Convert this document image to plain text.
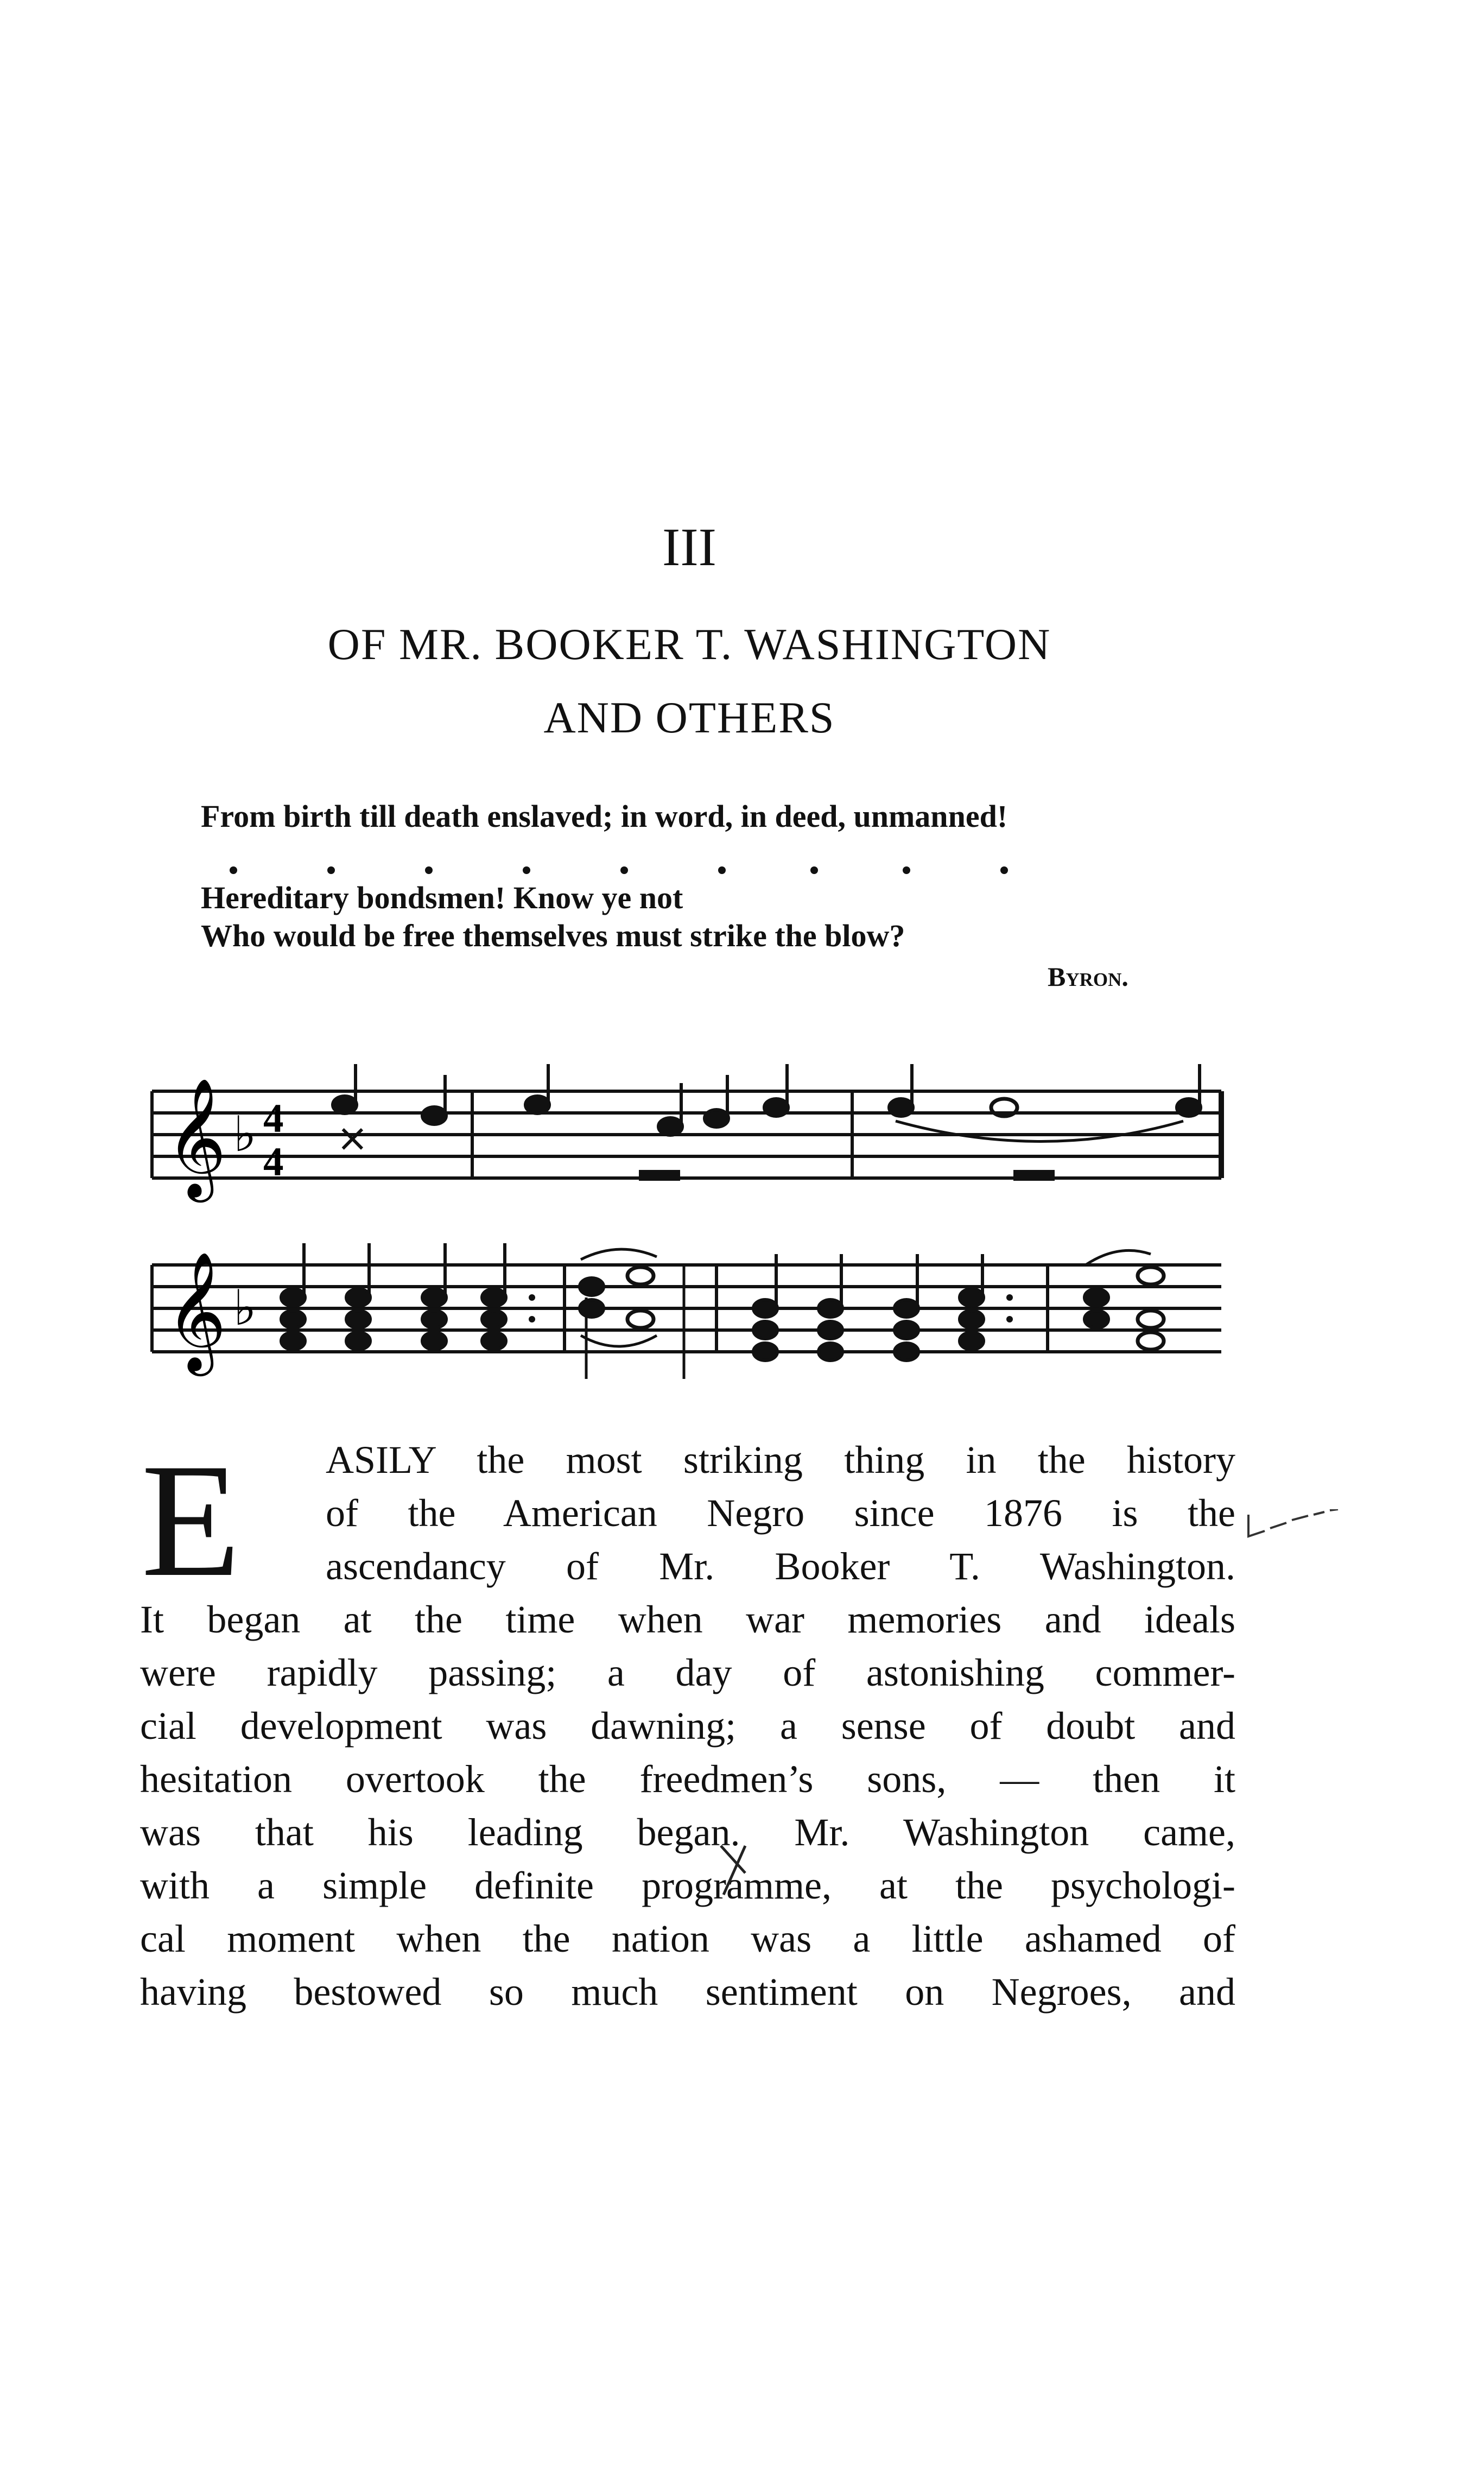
III
OF MR. BOOKER T. WASHINGTON
AND OTHERS
From birth till death enslaved; in word, in deed, unmanned!
Hereditary bondsmen! Know ye not
Who would be free themselves must strike the blow?
Byron.
𝄞 ♭ 4
4
×
𝄞 ♭
E ASILY the most striking thing in the history
of the American Negro since 1876 is the
ascendancy of Mr. Booker T. Washington.
It began at the time when war memories and ideals
were rapidly passing; a day of astonishing commer-
cial development was dawning; a sense of doubt and
hesitation overtook the freedmen’s sons, — then it
was that his leading began. Mr. Washington came,
with a simple definite programme, at the psychologi-
cal moment when the nation was a little ashamed of
having bestowed so much sentiment on Negroes, and
